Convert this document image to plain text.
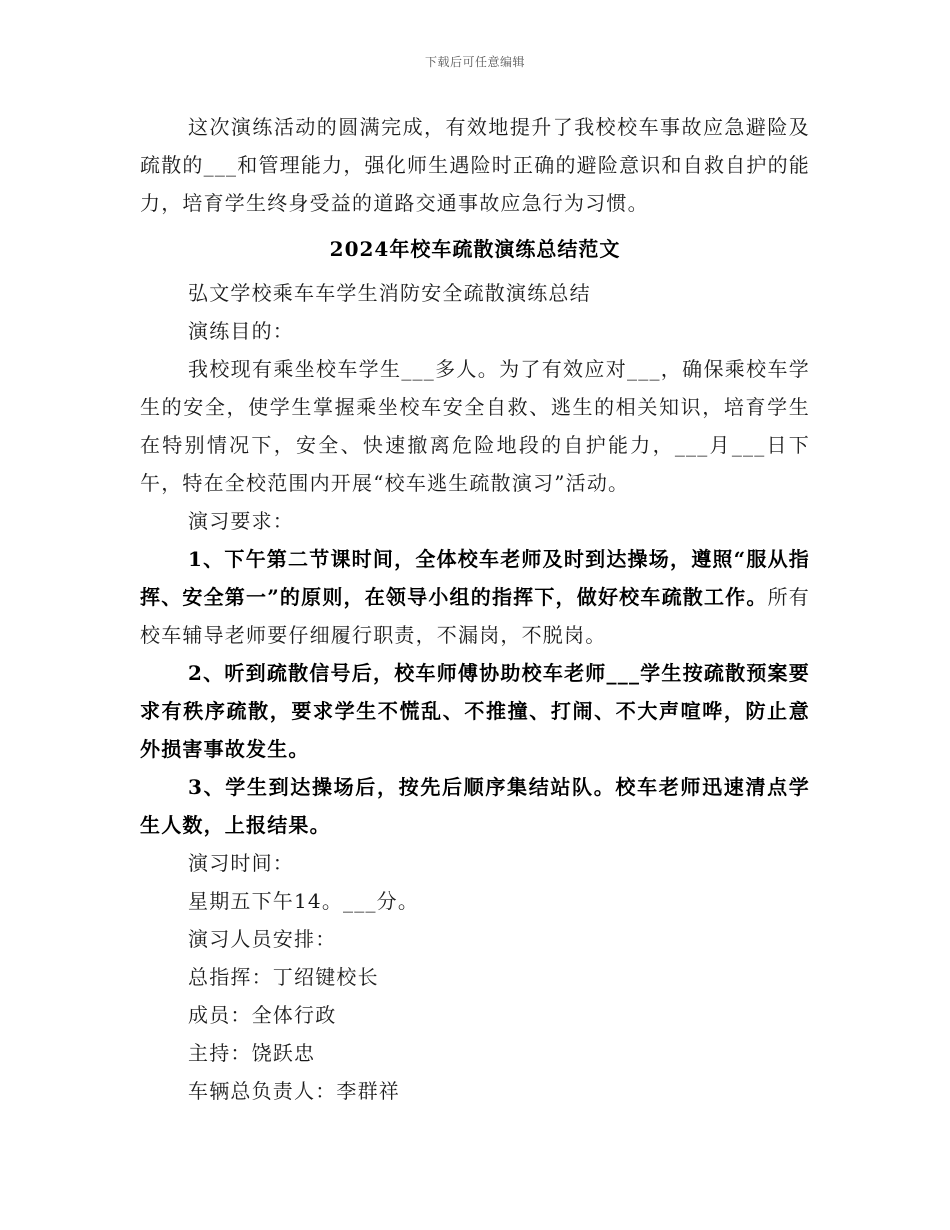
下载后可任意编辑

这次演练活动的圆满完成，有效地提升了我校校车事故应急避险及疏散的___和管理能力，强化师生遇险时正确的避险意识和自救自护的能力，培育学生终身受益的道路交通事故应急行为习惯。

2024年校车疏散演练总结范文

弘文学校乘车车学生消防安全疏散演练总结

演练目的：

我校现有乘坐校车学生___多人。为了有效应对___，确保乘校车学生的安全，使学生掌握乘坐校车安全自救、逃生的相关知识，培育学生在特别情况下，安全、快速撤离危险地段的自护能力，___月___日下午，特在全校范围内开展“校车逃生疏散演习”活动。

演习要求：

1、下午第二节课时间，全体校车老师及时到达操场，遵照“服从指挥、安全第一”的原则，在领导小组的指挥下，做好校车疏散工作。所有校车辅导老师要仔细履行职责，不漏岗，不脱岗。

2、听到疏散信号后，校车师傅协助校车老师___学生按疏散预案要求有秩序疏散，要求学生不慌乱、不推撞、打闹、不大声喧哗，防止意外损害事故发生。

3、学生到达操场后，按先后顺序集结站队。校车老师迅速清点学生人数，上报结果。

演习时间：

星期五下午14。___分。

演习人员安排：

总指挥：丁绍键校长

成员：全体行政

主持：饶跃忠

车辆总负责人：李群祥
